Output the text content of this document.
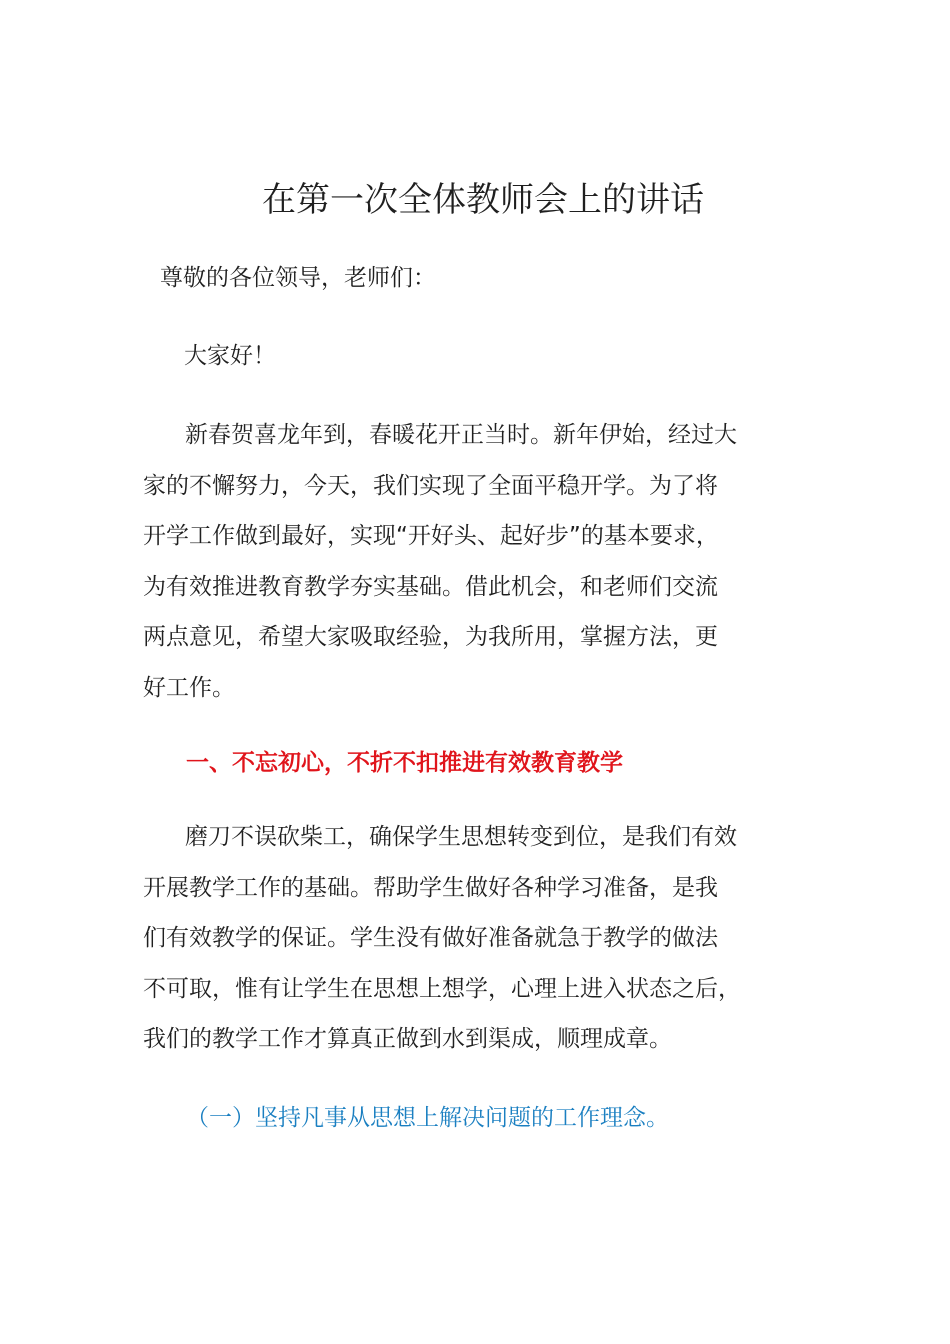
在第一次全体教师会上的讲话
尊敬的各位领导，老师们：
大家好！
新春贺喜龙年到，春暖花开正当时。新年伊始，经过大
家的不懈努力，今天，我们实现了全面平稳开学。为了将
开学工作做到最好，实现“开好头、起好步”的基本要求，
为有效推进教育教学夯实基础。借此机会，和老师们交流
两点意见，希望大家吸取经验，为我所用，掌握方法，更
好工作。
一、不忘初心，不折不扣推进有效教育教学
磨刀不误砍柴工，确保学生思想转变到位，是我们有效
开展教学工作的基础。帮助学生做好各种学习准备，是我
们有效教学的保证。学生没有做好准备就急于教学的做法
不可取，惟有让学生在思想上想学，心理上进入状态之后，
我们的教学工作才算真正做到水到渠成，顺理成章。
（一）坚持凡事从思想上解决问题的工作理念。
